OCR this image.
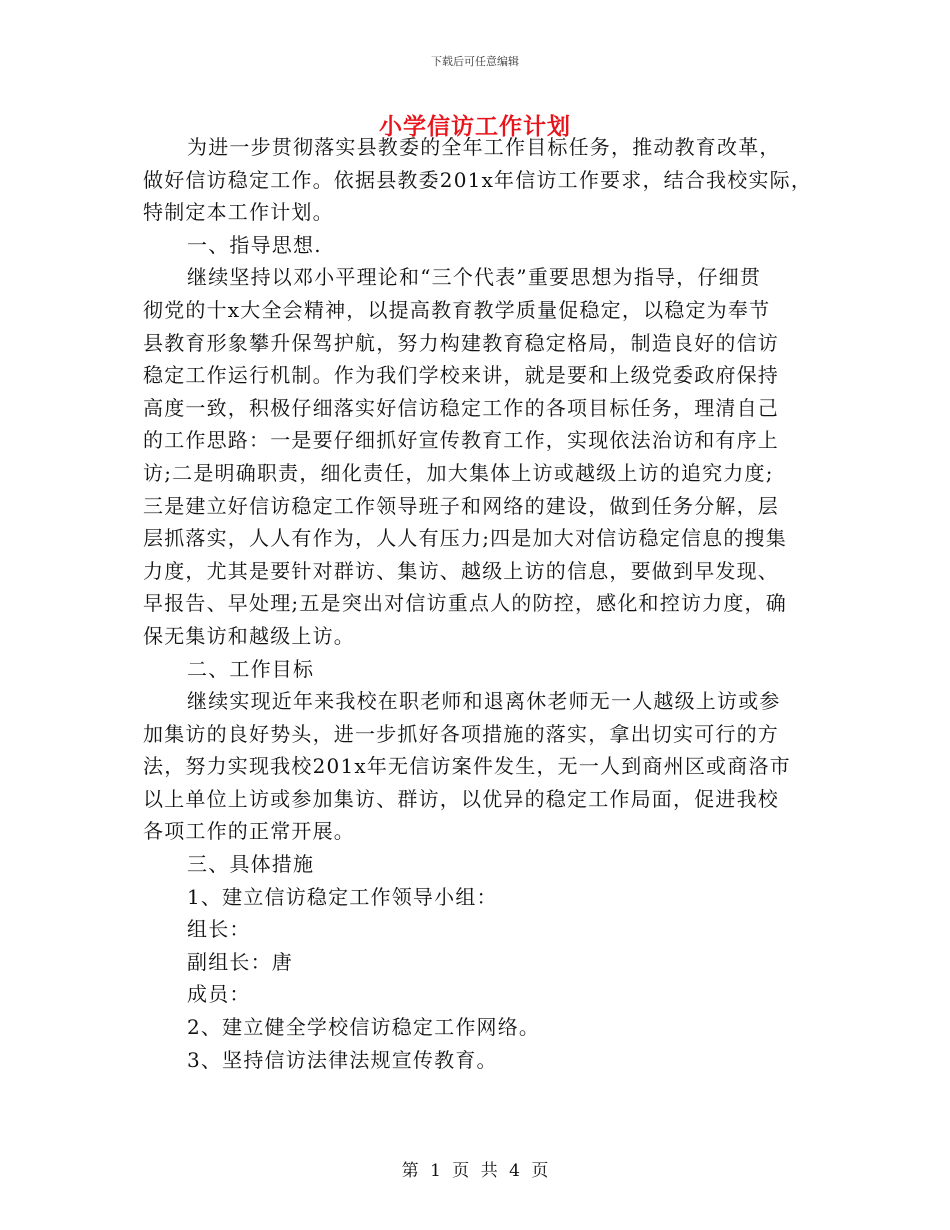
下载后可任意编辑
小学信访工作计划
为进一步贯彻落实县教委的全年工作目标任务，推动教育改革，
做好信访稳定工作。依据县教委201x年信访工作要求，结合我校实际，
特制定本工作计划。
一、指导思想.
继续坚持以邓小平理论和“三个代表”重要思想为指导，仔细贯
彻党的十x大全会精神，以提高教育教学质量促稳定，以稳定为奉节
县教育形象攀升保驾护航，努力构建教育稳定格局，制造良好的信访
稳定工作运行机制。作为我们学校来讲，就是要和上级党委政府保持
高度一致，积极仔细落实好信访稳定工作的各项目标任务，理清自己
的工作思路：一是要仔细抓好宣传教育工作，实现依法治访和有序上
访;二是明确职责，细化责任，加大集体上访或越级上访的追究力度;
三是建立好信访稳定工作领导班子和网络的建设，做到任务分解，层
层抓落实，人人有作为，人人有压力;四是加大对信访稳定信息的搜集
力度，尤其是要针对群访、集访、越级上访的信息，要做到早发现、
早报告、早处理;五是突出对信访重点人的防控，感化和控访力度，确
保无集访和越级上访。
二、工作目标
继续实现近年来我校在职老师和退离休老师无一人越级上访或参
加集访的良好势头，进一步抓好各项措施的落实，拿出切实可行的方
法，努力实现我校201x年无信访案件发生，无一人到商州区或商洛市
以上单位上访或参加集访、群访，以优异的稳定工作局面，促进我校
各项工作的正常开展。
三、具体措施
1、建立信访稳定工作领导小组：
组长：
副组长：唐
成员：
2、建立健全学校信访稳定工作网络。
3、坚持信访法律法规宣传教育。
第 1 页 共 4 页
